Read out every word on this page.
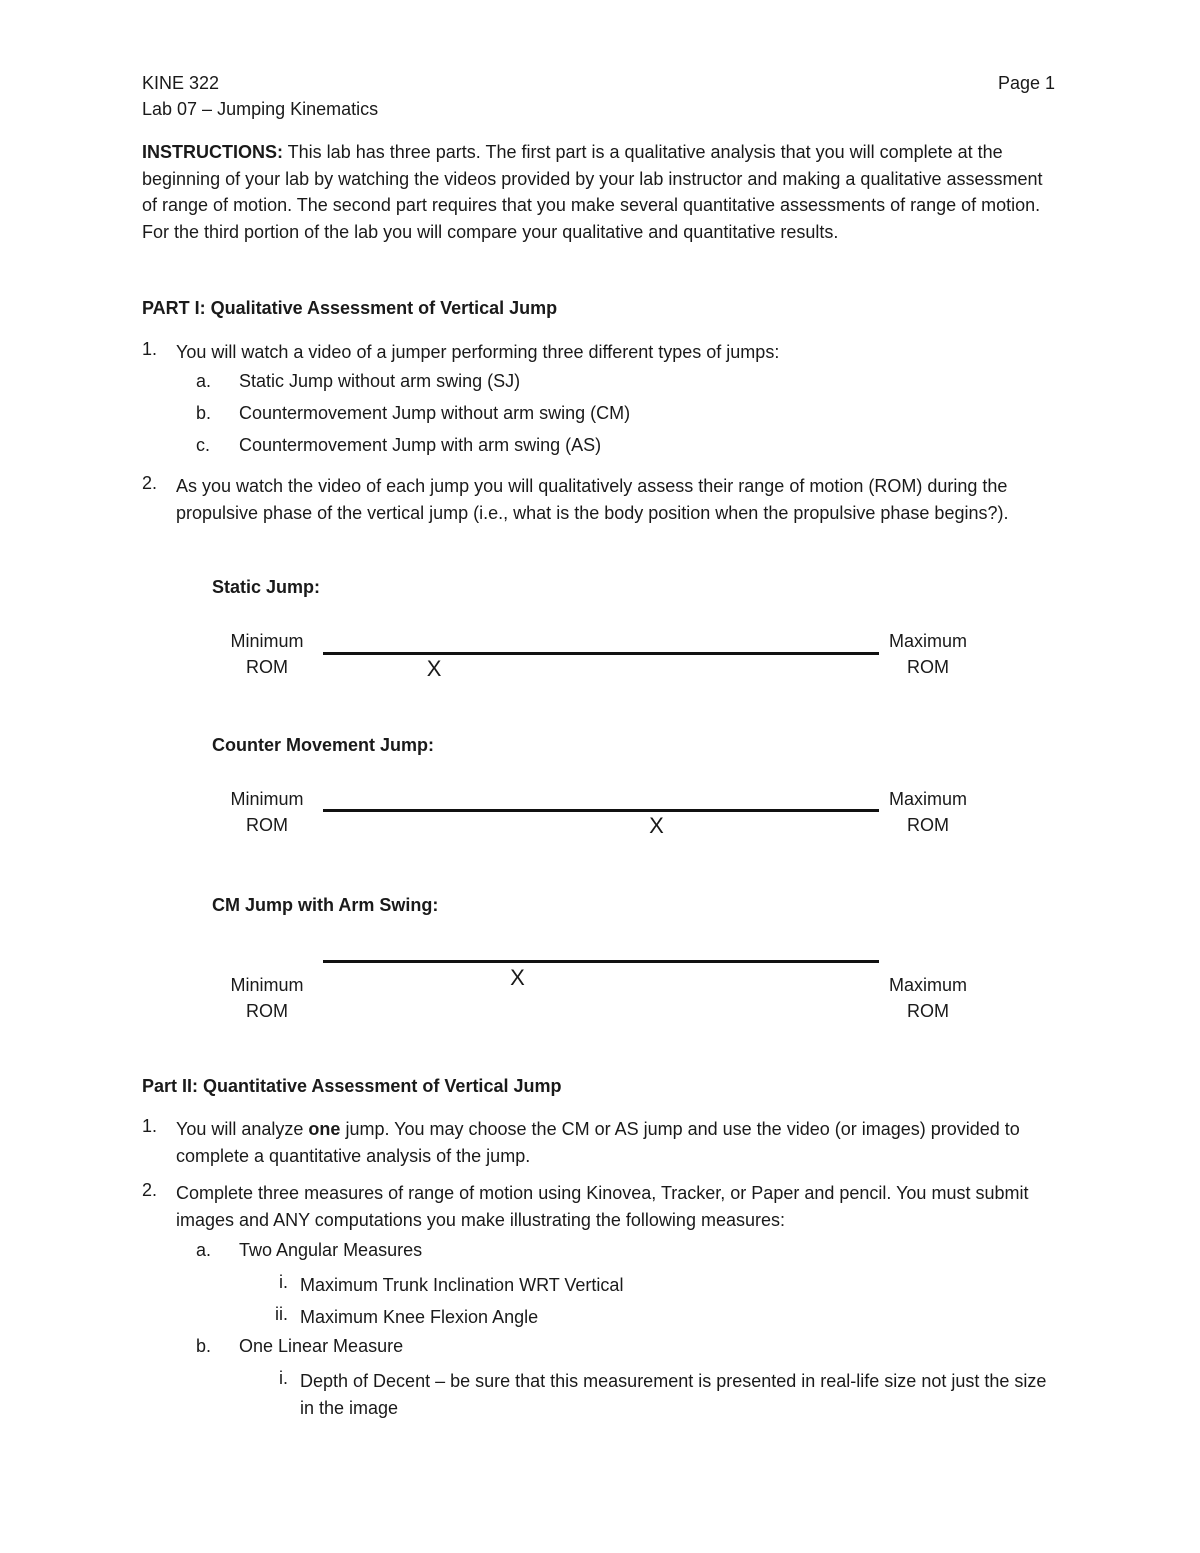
KINE 322	Page 1
Lab 07 – Jumping Kinematics
INSTRUCTIONS: This lab has three parts. The first part is a qualitative analysis that you will complete at the beginning of your lab by watching the videos provided by your lab instructor and making a qualitative assessment of range of motion. The second part requires that you make several quantitative assessments of range of motion. For the third portion of the lab you will compare your qualitative and quantitative results.
PART I: Qualitative Assessment of Vertical Jump
1. You will watch a video of a jumper performing three different types of jumps:
a. Static Jump without arm swing (SJ)
b. Countermovement Jump without arm swing (CM)
c. Countermovement Jump with arm swing (AS)
2. As you watch the video of each jump you will qualitatively assess their range of motion (ROM) during the propulsive phase of the vertical jump (i.e., what is the body position when the propulsive phase begins?).
Static Jump:
Minimum
ROM	X
Maximum
ROM
Counter Movement Jump:
Minimum
ROM	X
Maximum
ROM
CM Jump with Arm Swing:
X
Minimum
ROM
Maximum
ROM
Part II: Quantitative Assessment of Vertical Jump
1. You will analyze one jump. You may choose the CM or AS jump and use the video (or images) provided to complete a quantitative analysis of the jump.
2. Complete three measures of range of motion using Kinovea, Tracker, or Paper and pencil. You must submit images and ANY computations you make illustrating the following measures:
a. Two Angular Measures
i. Maximum Trunk Inclination WRT Vertical
ii. Maximum Knee Flexion Angle
b. One Linear Measure
i. Depth of Decent – be sure that this measurement is presented in real-life size not just the size in the image
